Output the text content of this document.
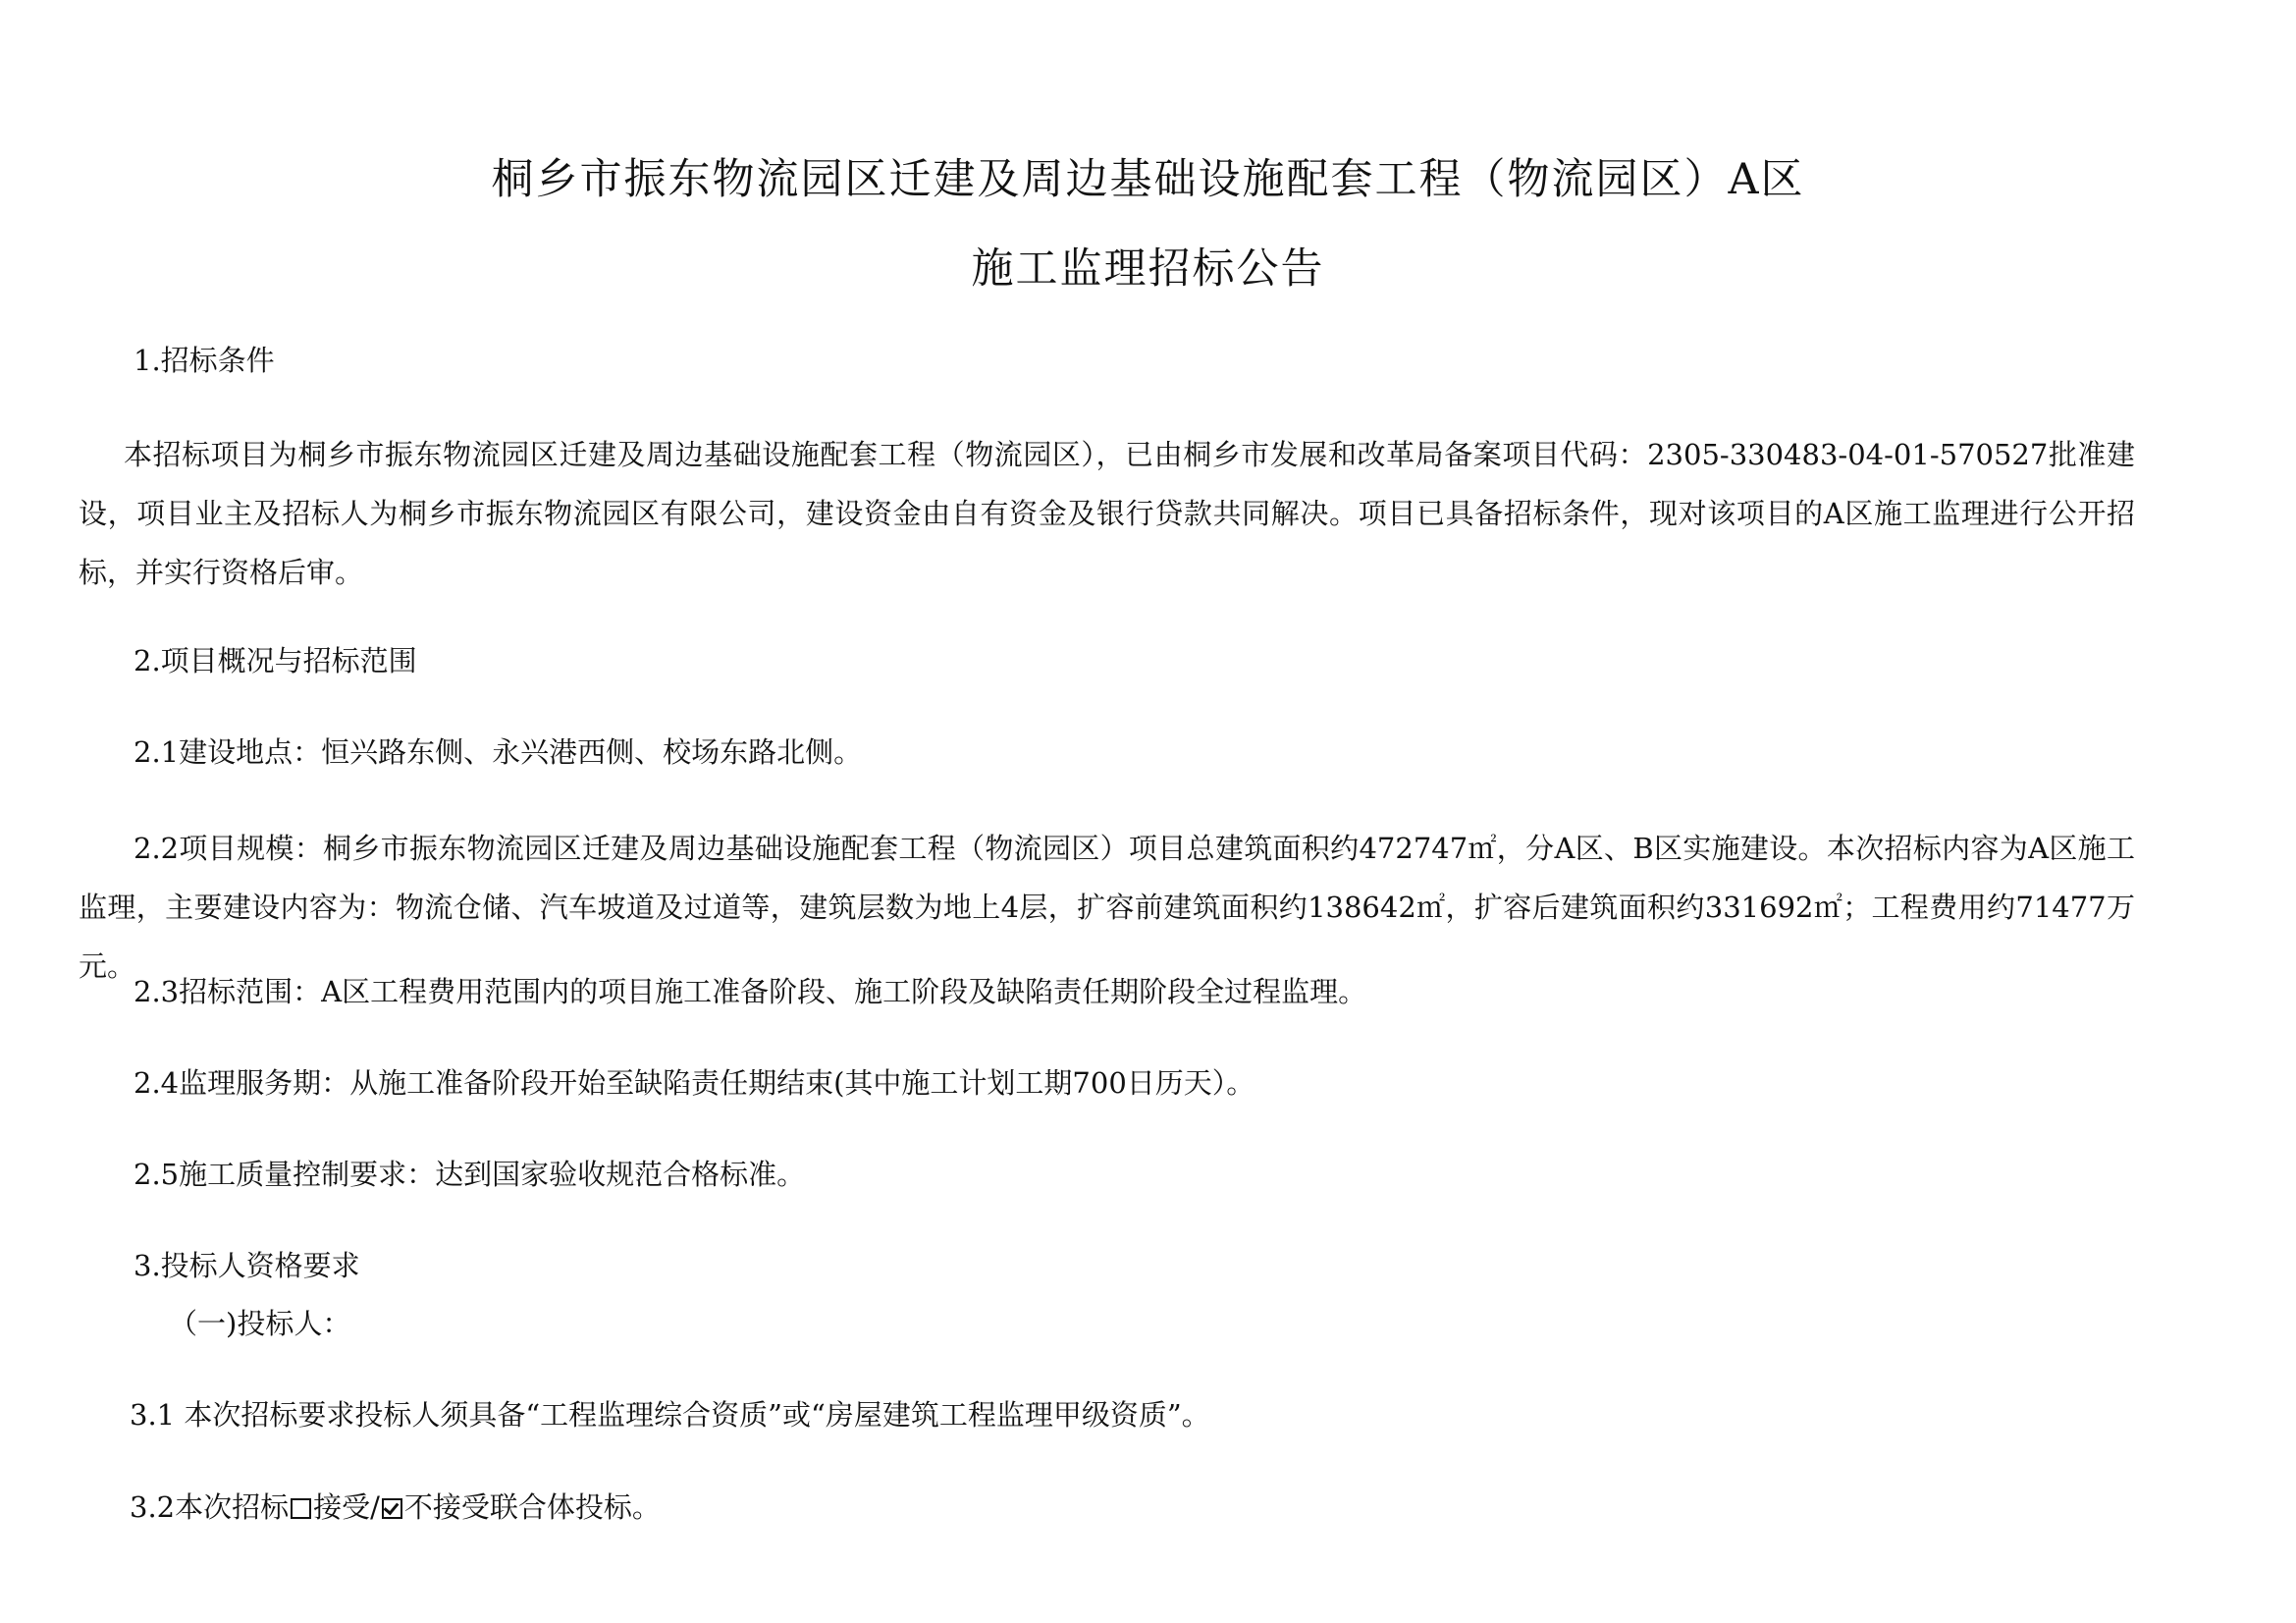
桐乡市振东物流园区迁建及周边基础设施配套工程（物流园区）A区
施工监理招标公告
1.招标条件
本招标项目为桐乡市振东物流园区迁建及周边基础设施配套工程（物流园区），已由桐乡市发展和改革局备案项目代码：2305-330483-04-01-570527批准建设，项目业主及招标人为桐乡市振东物流园区有限公司，建设资金由自有资金及银行贷款共同解决。项目已具备招标条件，现对该项目的A区施工监理进行公开招标，并实行资格后审。
2.项目概况与招标范围
2.1建设地点：恒兴路东侧、永兴港西侧、校场东路北侧。
2.2项目规模：桐乡市振东物流园区迁建及周边基础设施配套工程（物流园区）项目总建筑面积约472747㎡，分A区、B区实施建设。本次招标内容为A区施工监理，主要建设内容为：物流仓储、汽车坡道及过道等，建筑层数为地上4层，扩容前建筑面积约138642㎡，扩容后建筑面积约331692㎡；工程费用约71477万元。
2.3招标范围：A区工程费用范围内的项目施工准备阶段、施工阶段及缺陷责任期阶段全过程监理。
2.4监理服务期：从施工准备阶段开始至缺陷责任期结束(其中施工计划工期700日历天）。
2.5施工质量控制要求：达到国家验收规范合格标准。
3.投标人资格要求
（一)投标人：
3.1 本次招标要求投标人须具备“工程监理综合资质”或“房屋建筑工程监理甲级资质”。
3.2本次招标 接受/ 不接受联合体投标。
